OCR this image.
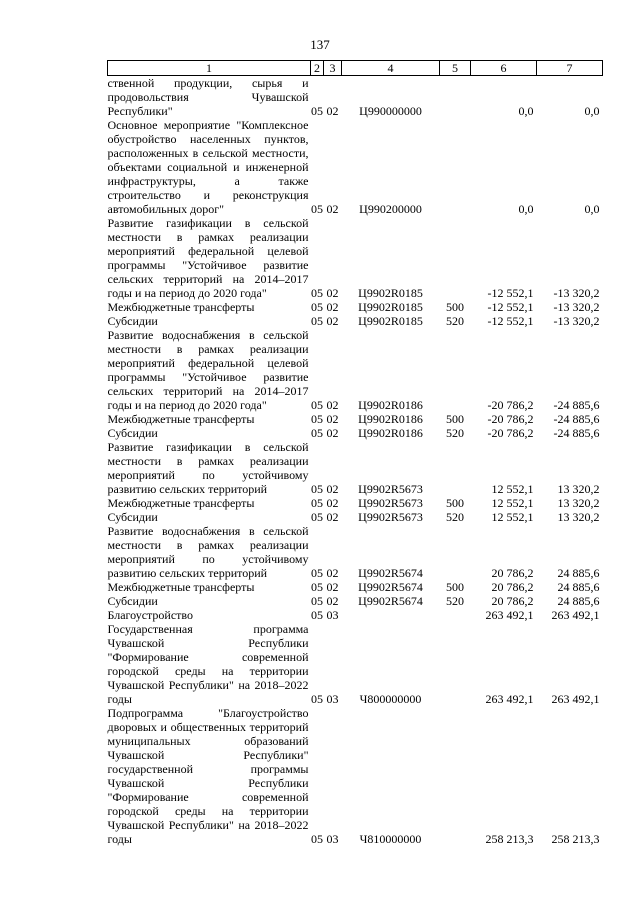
137
1	2	3	4	5	6	7
ственной продукции, сырья и продовольствия Чувашской Республики"	05	02	Ц990000000		0,0	0,0
Основное мероприятие "Комплексное обустройство населенных пунктов, расположенных в сельской местности, объектами социальной и инженерной инфраструктуры, а также строительство и реконструкция автомобильных дорог"	05	02	Ц990200000		0,0	0,0
Развитие газификации в сельской местности в рамках реализации мероприятий федеральной целевой программы "Устойчивое развитие сельских территорий на 2014–2017 годы и на период до 2020 года"	05	02	Ц9902R0185		-12 552,1	-13 320,2
Межбюджетные трансферты	05	02	Ц9902R0185	500	-12 552,1	-13 320,2
Субсидии	05	02	Ц9902R0185	520	-12 552,1	-13 320,2
Развитие водоснабжения в сельской местности в рамках реализации мероприятий федеральной целевой программы "Устойчивое развитие сельских территорий на 2014–2017 годы и на период до 2020 года"	05	02	Ц9902R0186		-20 786,2	-24 885,6
Межбюджетные трансферты	05	02	Ц9902R0186	500	-20 786,2	-24 885,6
Субсидии	05	02	Ц9902R0186	520	-20 786,2	-24 885,6
Развитие газификации в сельской местности в рамках реализации мероприятий по устойчивому развитию сельских территорий	05	02	Ц9902R5673		12 552,1	13 320,2
Межбюджетные трансферты	05	02	Ц9902R5673	500	12 552,1	13 320,2
Субсидии	05	02	Ц9902R5673	520	12 552,1	13 320,2
Развитие водоснабжения в сельской местности в рамках реализации мероприятий по устойчивому развитию сельских территорий	05	02	Ц9902R5674		20 786,2	24 885,6
Межбюджетные трансферты	05	02	Ц9902R5674	500	20 786,2	24 885,6
Субсидии	05	02	Ц9902R5674	520	20 786,2	24 885,6
Благоустройство	05	03			263 492,1	263 492,1
Государственная программа Чувашской Республики "Формирование современной городской среды на территории Чувашской Республики" на 2018–2022 годы	05	03	Ч800000000		263 492,1	263 492,1
Подпрограмма "Благоустройство дворовых и общественных территорий муниципальных образований Чувашской Республики" государственной программы Чувашской Республики "Формирование современной городской среды на территории Чувашской Республики" на 2018–2022 годы	05	03	Ч810000000		258 213,3	258 213,3
